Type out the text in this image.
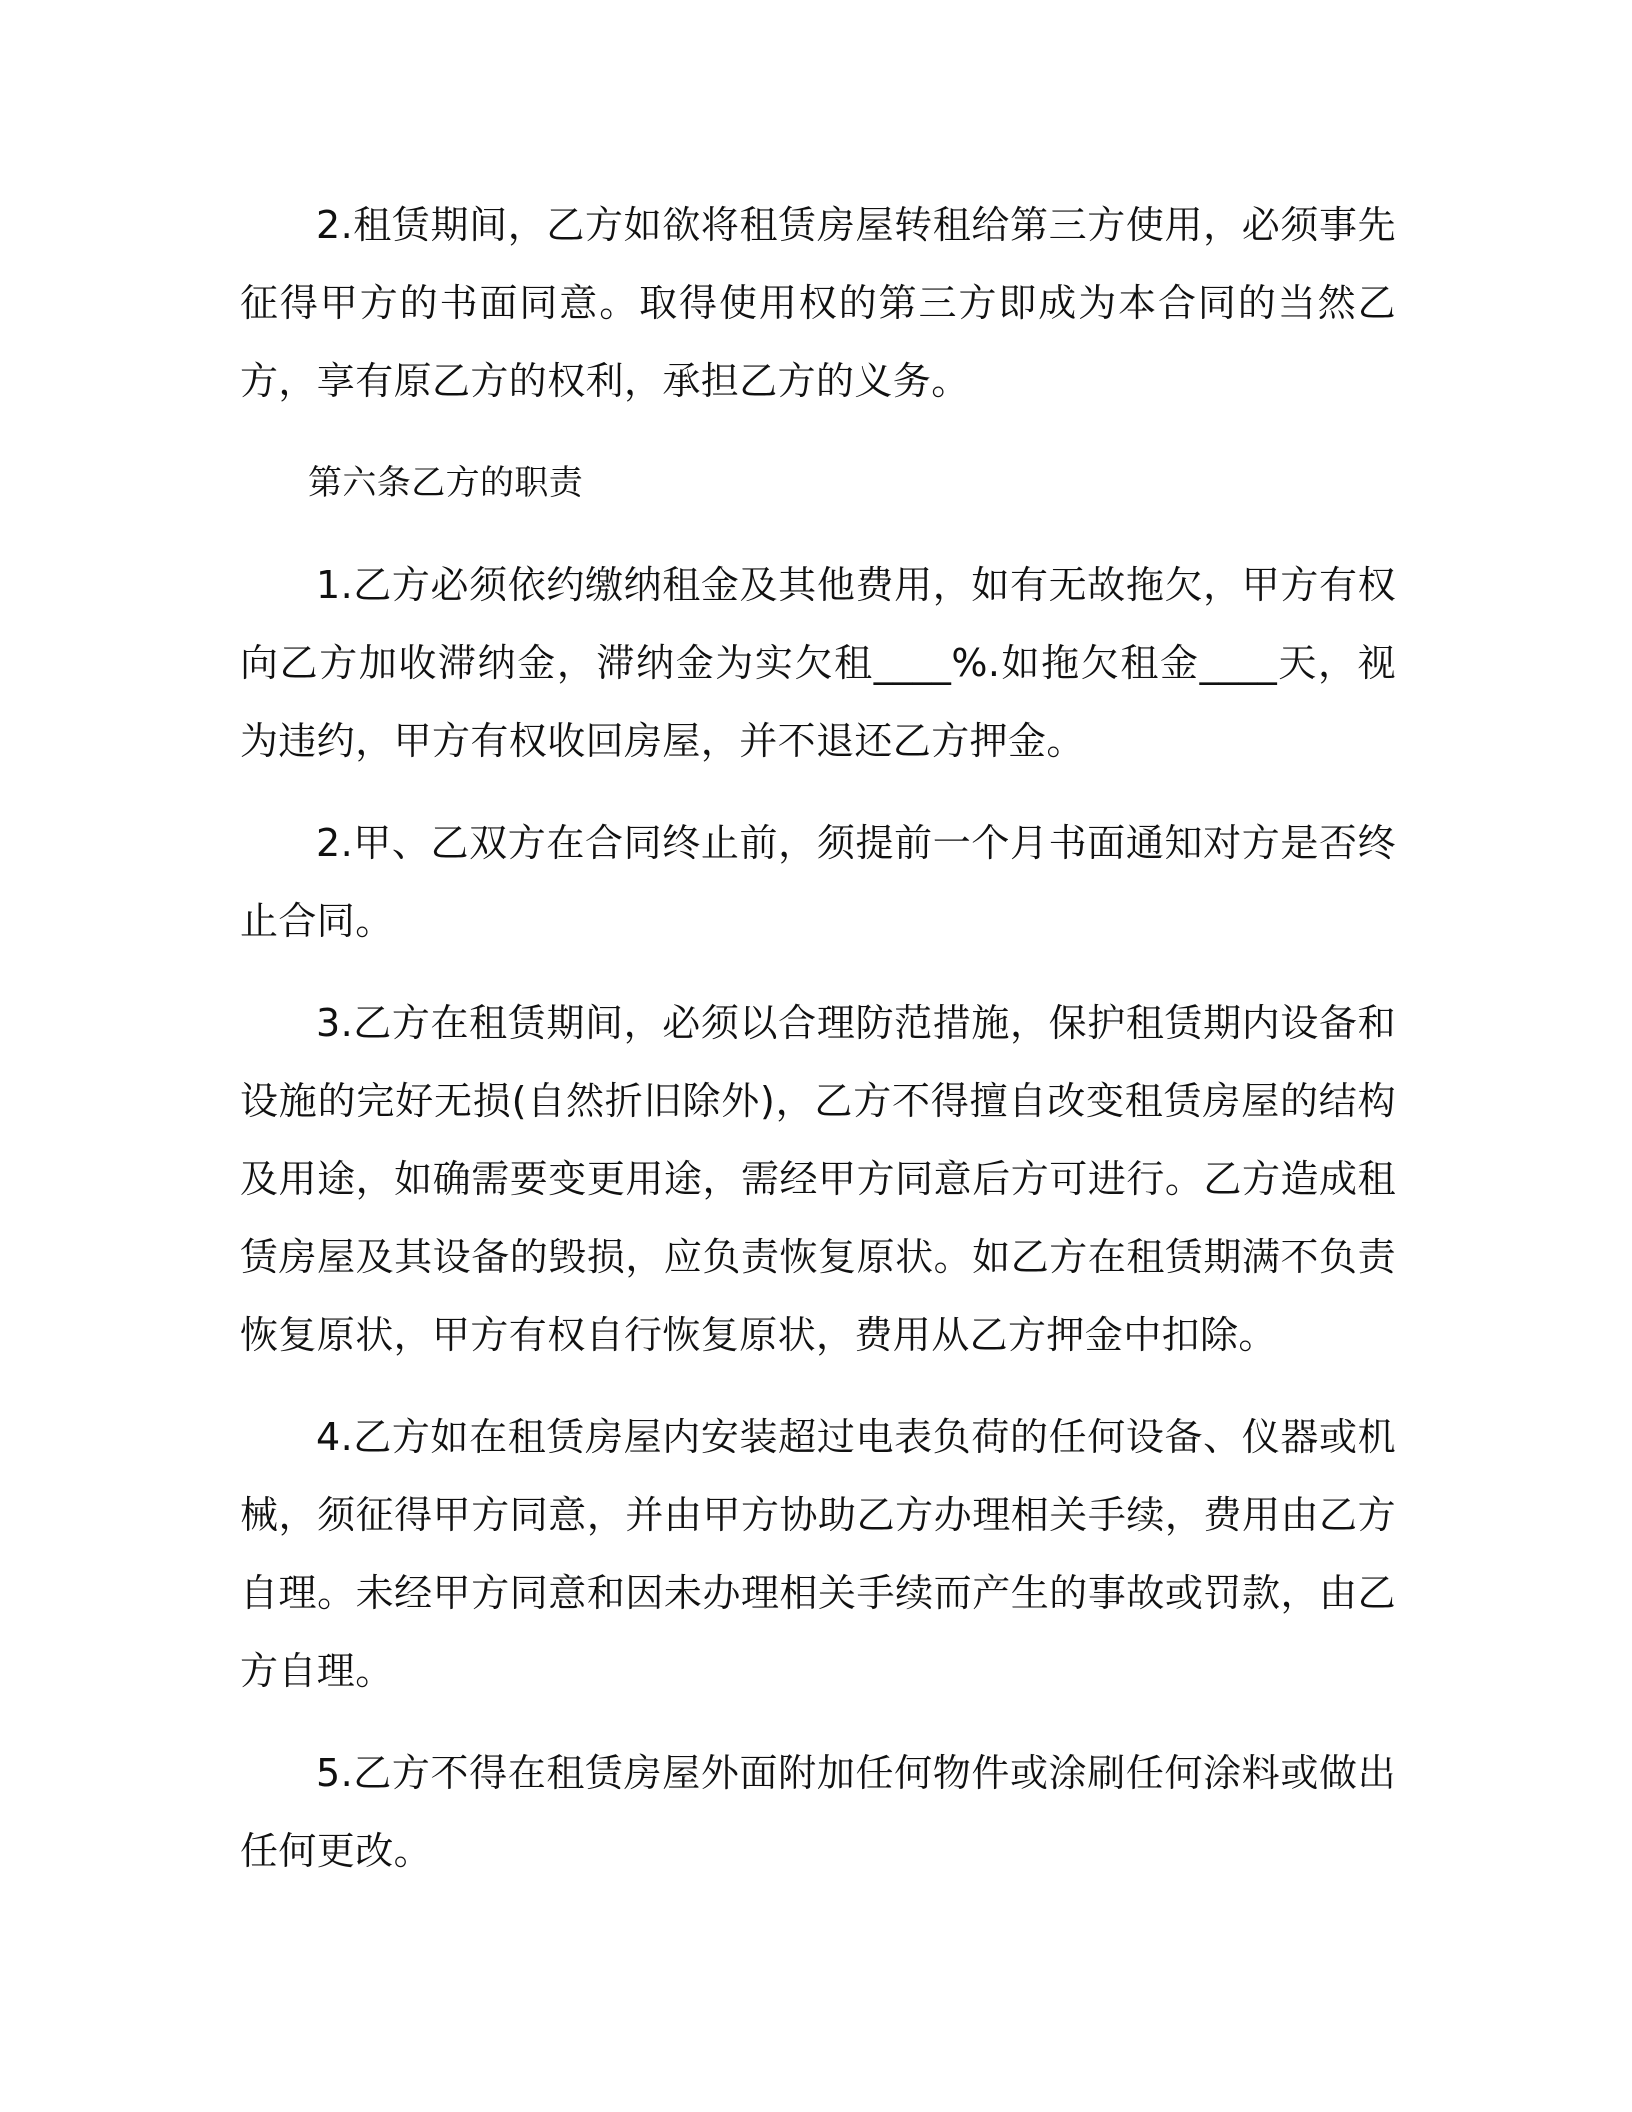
2.租赁期间，乙方如欲将租赁房屋转租给第三方使用，必须事先征得甲方的书面同意。取得使用权的第三方即成为本合同的当然乙方，享有原乙方的权利，承担乙方的义务。

第六条乙方的职责

1.乙方必须依约缴纳租金及其他费用，如有无故拖欠，甲方有权向乙方加收滞纳金，滞纳金为实欠租____%.如拖欠租金____天，视为违约，甲方有权收回房屋，并不退还乙方押金。

2.甲、乙双方在合同终止前，须提前一个月书面通知对方是否终止合同。

3.乙方在租赁期间，必须以合理防范措施，保护租赁期内设备和设施的完好无损(自然折旧除外)，乙方不得擅自改变租赁房屋的结构及用途，如确需要变更用途，需经甲方同意后方可进行。乙方造成租赁房屋及其设备的毁损，应负责恢复原状。如乙方在租赁期满不负责恢复原状，甲方有权自行恢复原状，费用从乙方押金中扣除。

4.乙方如在租赁房屋内安装超过电表负荷的任何设备、仪器或机械，须征得甲方同意，并由甲方协助乙方办理相关手续，费用由乙方自理。未经甲方同意和因未办理相关手续而产生的事故或罚款，由乙方自理。

5.乙方不得在租赁房屋外面附加任何物件或涂刷任何涂料或做出任何更改。
